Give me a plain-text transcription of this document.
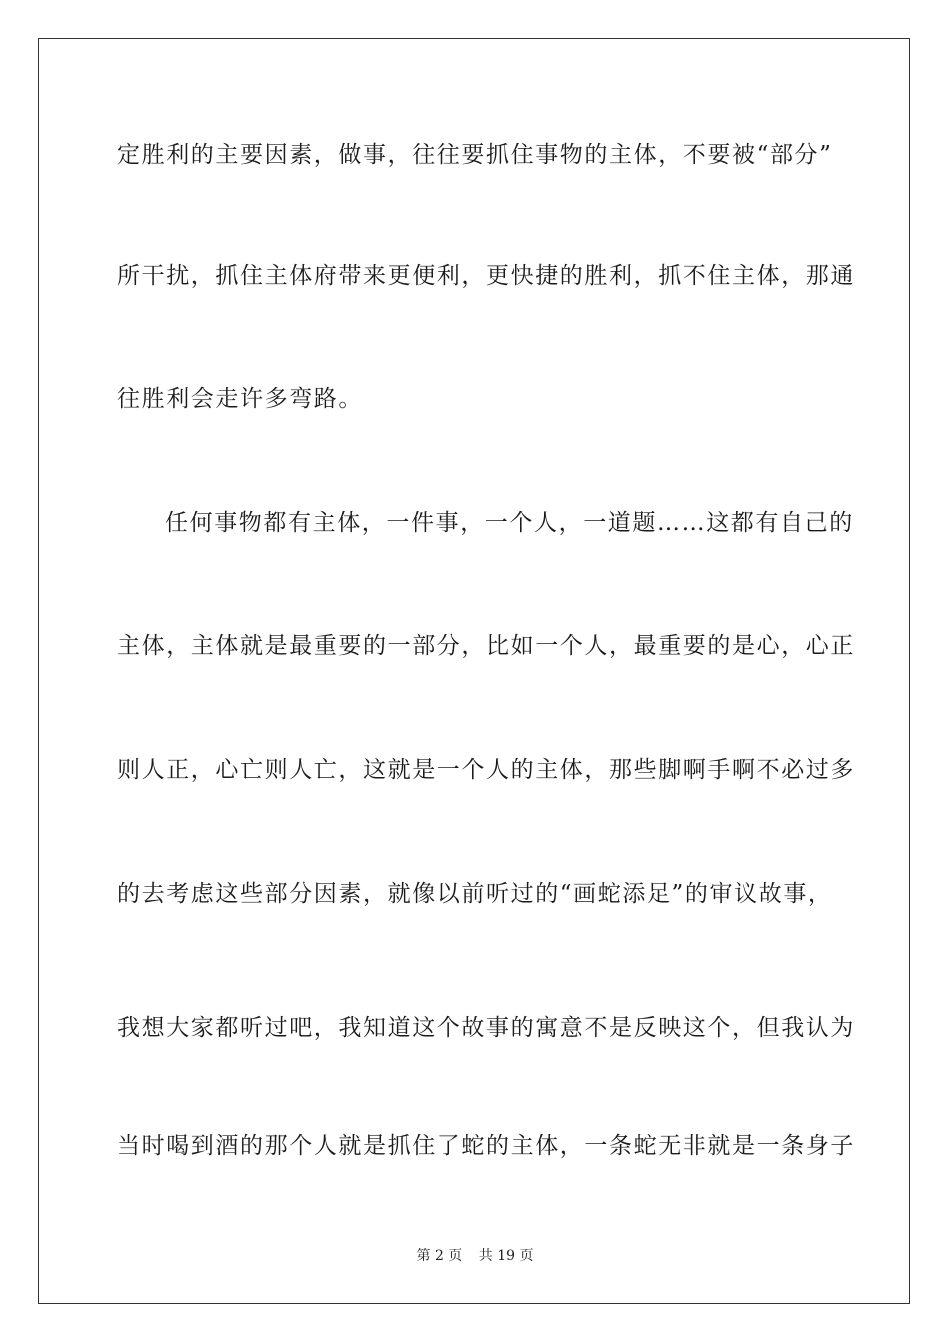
定胜利的主要因素，做事，往往要抓住事物的主体，不要被“部分”
所干扰，抓住主体府带来更便利，更快捷的胜利，抓不住主体，那通
往胜利会走许多弯路。
任何事物都有主体，一件事，一个人，一道题……这都有自己的
主体，主体就是最重要的一部分，比如一个人，最重要的是心，心正
则人正，心亡则人亡，这就是一个人的主体，那些脚啊手啊不必过多
的去考虑这些部分因素，就像以前听过的“画蛇添足”的审议故事，
我想大家都听过吧，我知道这个故事的寓意不是反映这个，但我认为
当时喝到酒的那个人就是抓住了蛇的主体，一条蛇无非就是一条身子
第 2 页 共 19 页
